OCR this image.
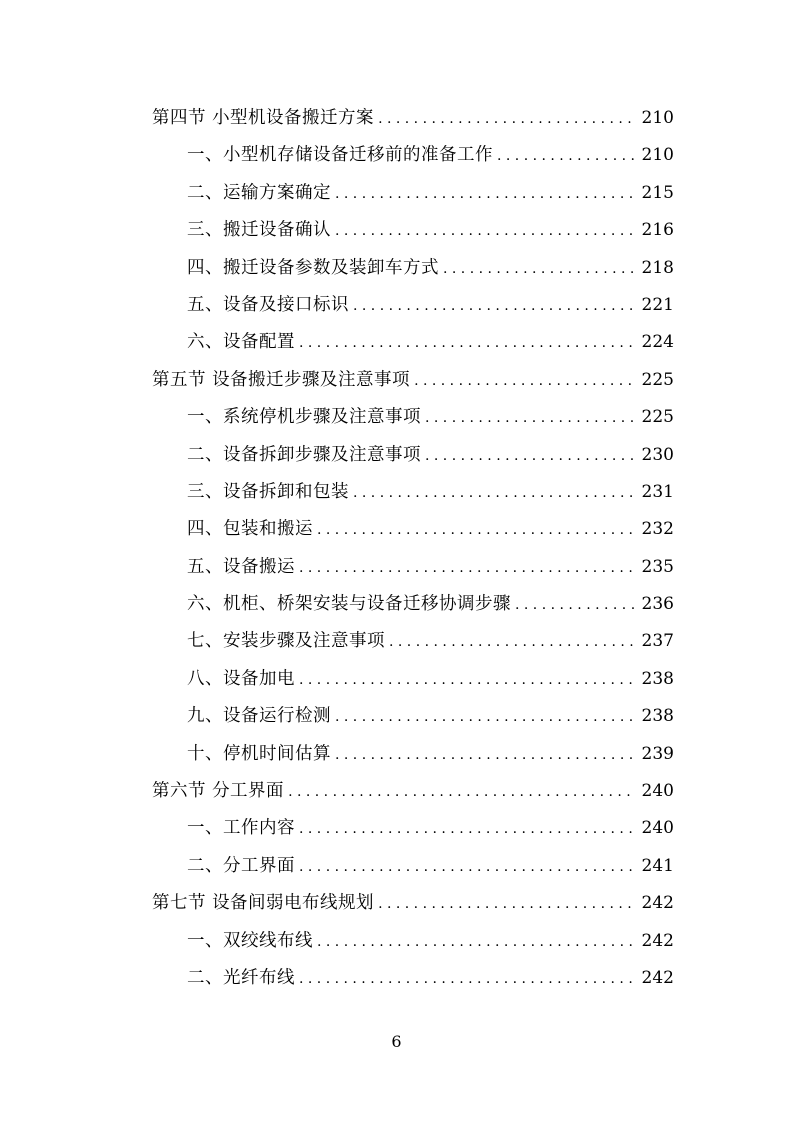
第四节 小型机设备搬迁方案 . . .	210
一、小型机存储设备迁移前的准备工作 . . .	210
二、运输方案确定 . . .	215
三、搬迁设备确认 . . .	216
四、搬迁设备参数及装卸车方式 . . .	218
五、设备及接口标识 . . .	221
六、设备配置 . . .	224
第五节 设备搬迁步骤及注意事项 . . .	225
一、系统停机步骤及注意事项 . . .	225
二、设备拆卸步骤及注意事项 . . .	230
三、设备拆卸和包装 . . .	231
四、包装和搬运 . . .	232
五、设备搬运 . . .	235
六、机柜、桥架安装与设备迁移协调步骤 . . .	236
七、安装步骤及注意事项 . . .	237
八、设备加电 . . .	238
九、设备运行检测 . . .	238
十、停机时间估算 . . .	239
第六节 分工界面 . . .	240
一、工作内容 . . .	240
二、分工界面 . . .	241
第七节 设备间弱电布线规划 . . .	242
一、双绞线布线 . . .	242
二、光纤布线 . . .	242
6
